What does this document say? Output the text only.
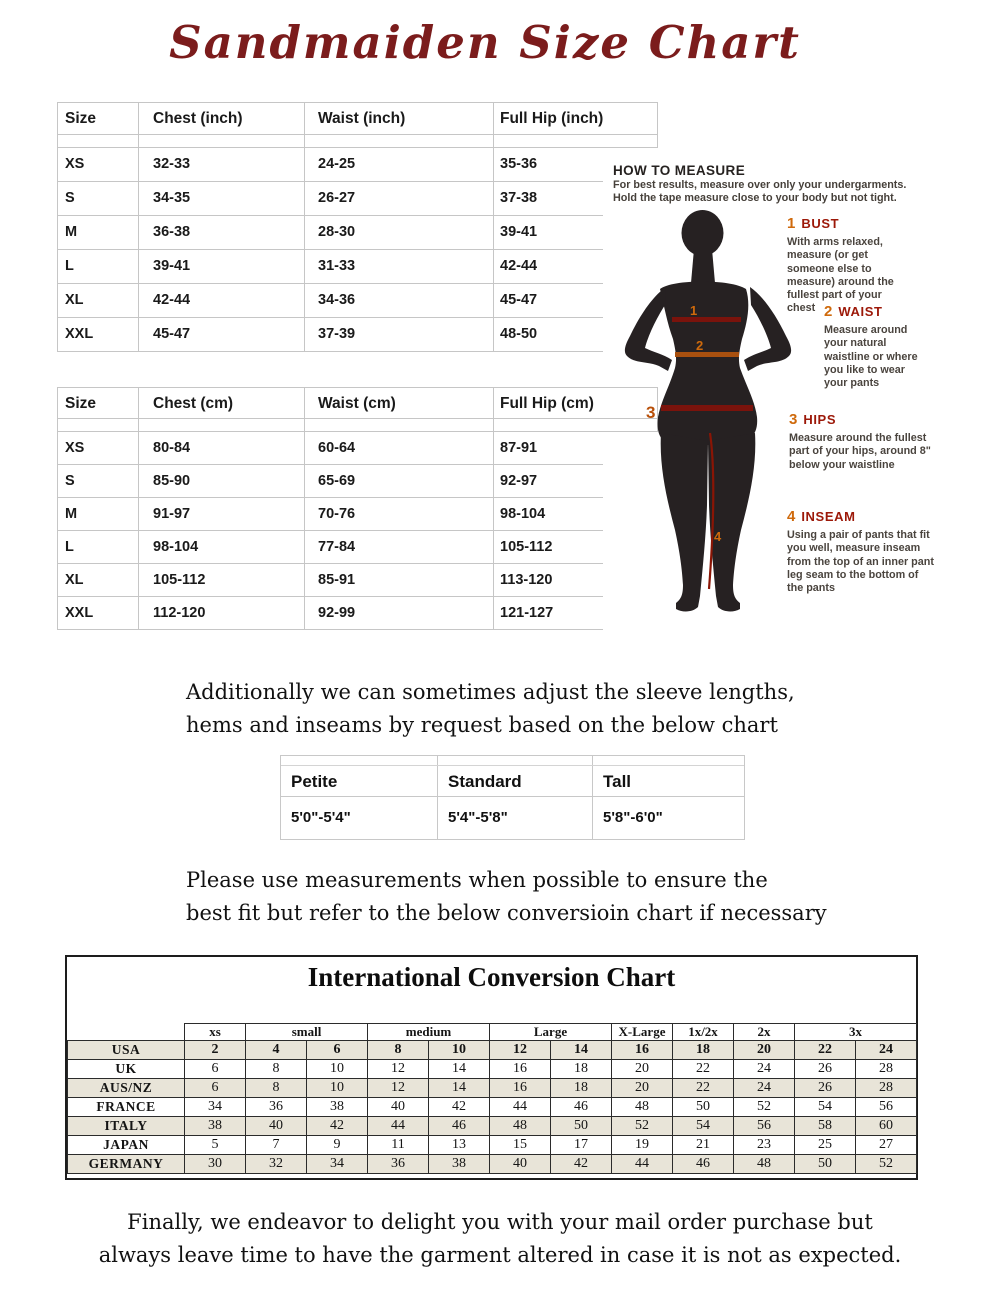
Sandmaiden Size Chart
Size	Chest (inch)	Waist (inch)	Full Hip (inch)
XS	32-33	24-25	35-36
S	34-35	26-27	37-38
M	36-38	28-30	39-41
L	39-41	31-33	42-44
XL	42-44	34-36	45-47
XXL	45-47	37-39	48-50
Size	Chest (cm)	Waist (cm)	Full Hip (cm)
XS	80-84	60-64	87-91
S	85-90	65-69	92-97
M	91-97	70-76	98-104
L	98-104	77-84	105-112
XL	105-112	85-91	113-120
XXL	112-120	92-99	121-127
HOW TO MEASURE
For best results, measure over only your undergarments.
Hold the tape measure close to your body but not tight.
1
2
3
4
1 BUST
With arms relaxed, measure (or get someone else to measure) around the fullest part of your chest 2 WAIST
Measure around your natural waistline or where you like to wear your pants
3 HIPS
Measure around the fullest part of your hips, around 8" below your waistline
4 INSEAM
Using a pair of pants that fit you well, measure inseam from the top of an inner pant leg seam to the bottom of the pants
Additionally we can sometimes adjust the sleeve lengths,
hems and inseams by request based on the below chart
Petite	Standard	Tall
5'0"-5'4"	5'4"-5'8"	5'8"-6'0"
Please use measurements when possible to ensure the
best fit but refer to the below conversioin chart if necessary
International Conversion Chart
	xs	small		medium		Large		X-Large	1x/2x	2x	3x	
USA	2	4	6	8	10	12	14	16	18	20	22	24
UK	6	8	10	12	14	16	18	20	22	24	26	28
AUS/NZ	6	8	10	12	14	16	18	20	22	24	26	28
FRANCE	34	36	38	40	42	44	46	48	50	52	54	56
ITALY	38	40	42	44	46	48	50	52	54	56	58	60
JAPAN	5	7	9	11	13	15	17	19	21	23	25	27
GERMANY	30	32	34	36	38	40	42	44	46	48	50	52
Finally, we endeavor to delight you with your mail order purchase but
always leave time to have the garment altered in case it is not as expected.
